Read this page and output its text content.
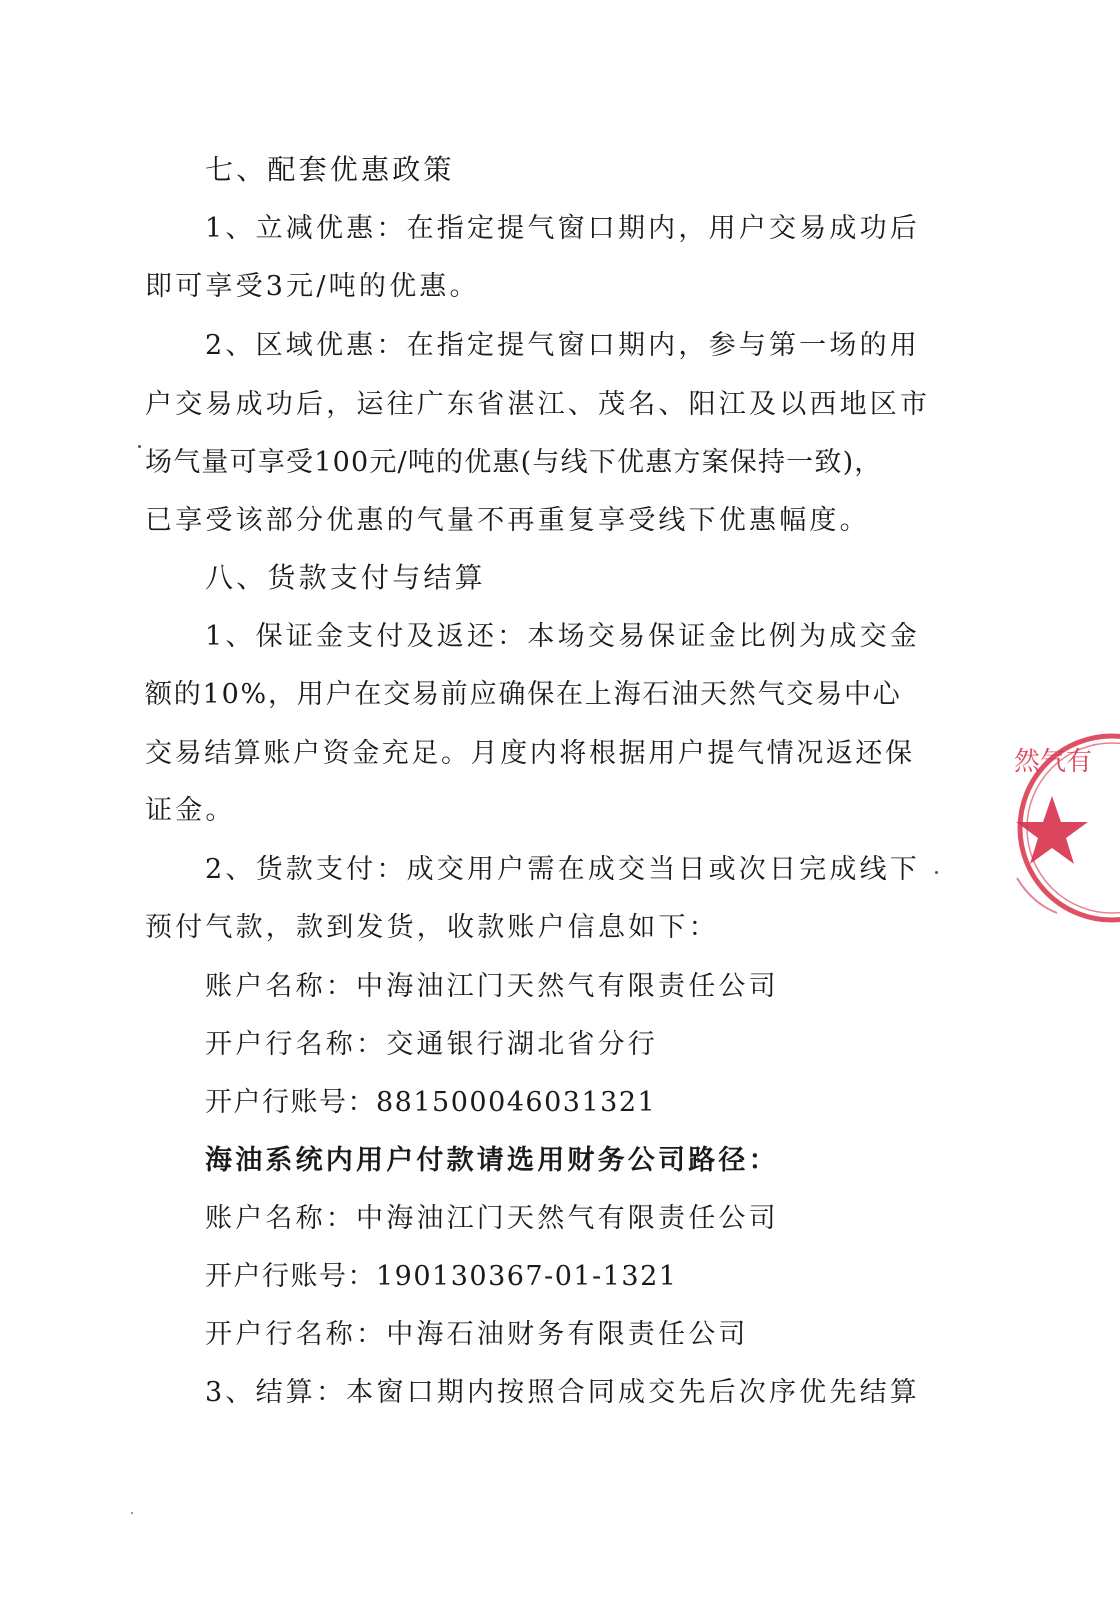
七、配套优惠政策
1、立减优惠：在指定提气窗口期内，用户交易成功后
即可享受3元/吨的优惠。
2、区域优惠：在指定提气窗口期内，参与第一场的用
户交易成功后，运往广东省湛江、茂名、阳江及以西地区市
场气量可享受100元/吨的优惠(与线下优惠方案保持一致)，
已享受该部分优惠的气量不再重复享受线下优惠幅度。
八、货款支付与结算
1、保证金支付及返还：本场交易保证金比例为成交金
额的10%，用户在交易前应确保在上海石油天然气交易中心
交易结算账户资金充足。月度内将根据用户提气情况返还保
证金。
2、货款支付：成交用户需在成交当日或次日完成线下
预付气款，款到发货，收款账户信息如下：
账户名称：中海油江门天然气有限责任公司
开户行名称：交通银行湖北省分行
开户行账号：881500046031321
海油系统内用户付款请选用财务公司路径：
账户名称：中海油江门天然气有限责任公司
开户行账号：190130367-01-1321
开户行名称：中海石油财务有限责任公司
3、结算：本窗口期内按照合同成交先后次序优先结算
然气有
